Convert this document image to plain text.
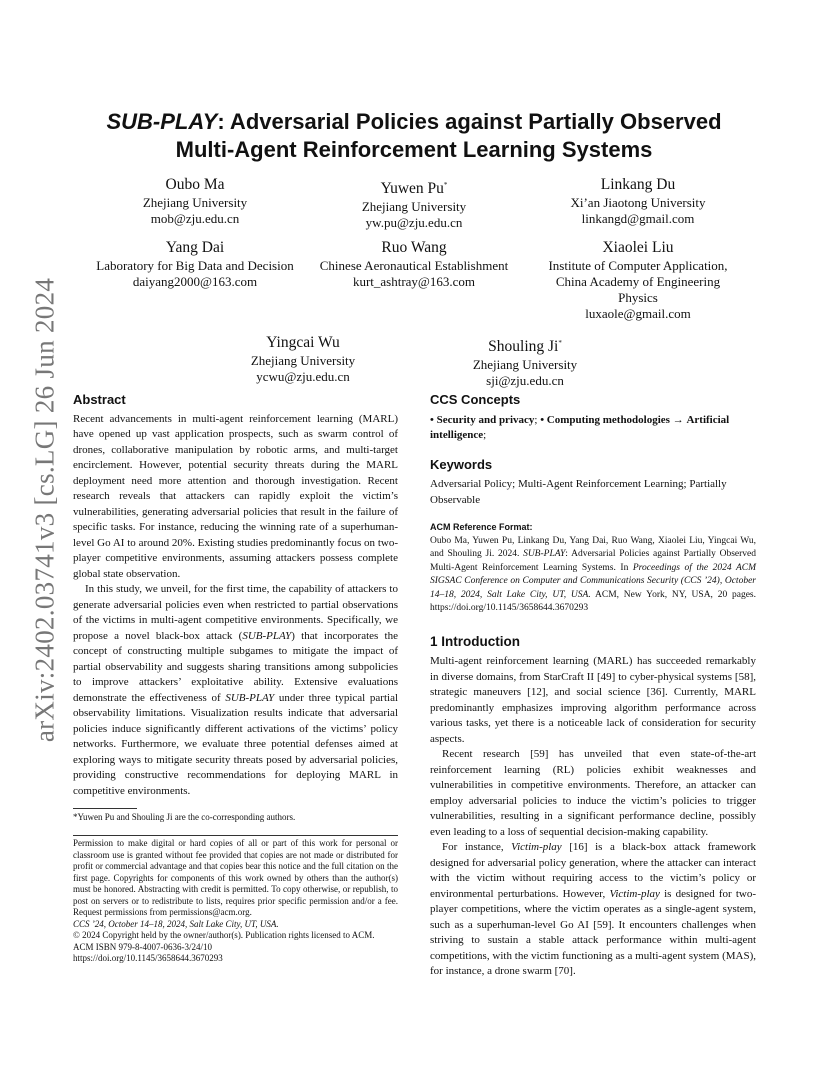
arXiv:2402.03741v3 [cs.LG] 26 Jun 2024
SUB-PLAY: Adversarial Policies against Partially Observed
Multi-Agent Reinforcement Learning Systems
Oubo Ma
Zhejiang University
mob@zju.edu.cn
Yuwen Pu*
Zhejiang University
yw.pu@zju.edu.cn
Linkang Du
Xi’an Jiaotong University
linkangd@gmail.com
Yang Dai
Laboratory for Big Data and Decision
daiyang2000@163.com
Ruo Wang
Chinese Aeronautical Establishment
kurt_ashtray@163.com
Xiaolei Liu
Institute of Computer Application,
China Academy of Engineering
Physics
luxaole@gmail.com
Yingcai Wu
Zhejiang University
ycwu@zju.edu.cn
Shouling Ji*
Zhejiang University
sji@zju.edu.cn
Abstract

Recent advancements in multi-agent reinforcement learning (MARL) have opened up vast application prospects, such as swarm control of drones, collaborative manipulation by robotic arms, and multi-target encirclement. However, potential security threats during the MARL deployment need more attention and thorough investigation. Recent research reveals that attackers can rapidly exploit the victim’s vulnerabilities, generating adversarial policies that result in the failure of specific tasks. For instance, reducing the winning rate of a superhuman-level Go AI to around 20%. Existing studies predominantly focus on two-player competitive environments, assuming attackers possess complete global state observation.

In this study, we unveil, for the first time, the capability of attackers to generate adversarial policies even when restricted to partial observations of the victims in multi-agent competitive environments. Specifically, we propose a novel black-box attack (SUB-PLAY) that incorporates the concept of constructing multiple subgames to mitigate the impact of partial observability and suggests sharing transitions among subpolicies to improve attackers’ exploitative ability. Extensive evaluations demonstrate the effectiveness of SUB-PLAY under three typical partial observability limitations. Visualization results indicate that adversarial policies induce significantly different activations of the victims’ policy networks. Furthermore, we evaluate three potential defenses aimed at exploring ways to mitigate security threats posed by adversarial policies, providing constructive recommendations for deploying MARL in competitive environments.

*Yuwen Pu and Shouling Ji are the co-corresponding authors.
Permission to make digital or hard copies of all or part of this work for personal or classroom use is granted without fee provided that copies are not made or distributed for profit or commercial advantage and that copies bear this notice and the full citation on the first page. Copyrights for components of this work owned by others than the author(s) must be honored. Abstracting with credit is permitted. To copy otherwise, or republish, to post on servers or to redistribute to lists, requires prior specific permission and/or a fee. Request permissions from permissions@acm.org.
CCS ’24, October 14–18, 2024, Salt Lake City, UT, USA.
© 2024 Copyright held by the owner/author(s). Publication rights licensed to ACM.
ACM ISBN 979-8-4007-0636-3/24/10
https://doi.org/10.1145/3658644.3670293
CCS Concepts

• Security and privacy; • Computing methodologies → Artificial intelligence;

Keywords

Adversarial Policy; Multi-Agent Reinforcement Learning; Partially Observable

ACM Reference Format:
Oubo Ma, Yuwen Pu, Linkang Du, Yang Dai, Ruo Wang, Xiaolei Liu, Yingcai Wu, and Shouling Ji. 2024. SUB-PLAY: Adversarial Policies against Partially Observed Multi-Agent Reinforcement Learning Systems. In Proceedings of the 2024 ACM SIGSAC Conference on Computer and Communications Security (CCS ’24), October 14–18, 2024, Salt Lake City, UT, USA. ACM, New York, NY, USA, 20 pages. https://doi.org/10.1145/3658644.3670293
1 Introduction

Multi-agent reinforcement learning (MARL) has succeeded remarkably in diverse domains, from StarCraft II [49] to cyber-physical systems [58], strategic maneuvers [12], and social science [36]. Currently, MARL predominantly emphasizes improving algorithm performance across various tasks, yet there is a noticeable lack of consideration for security aspects.

Recent research [59] has unveiled that even state-of-the-art reinforcement learning (RL) policies exhibit weaknesses and vulnerabilities in competitive environments. Therefore, an attacker can employ adversarial policies to induce the victim’s policies to trigger vulnerabilities, resulting in a significant performance decline, possibly even leading to a loss of sequential decision-making capability.

For instance, Victim-play [16] is a black-box attack framework designed for adversarial policy generation, where the attacker can interact with the victim without requiring access to the victim’s policy or environmental perturbations. However, Victim-play is designed for two-player competitions, where the victim operates as a single-agent system, such as a superhuman-level Go AI [59]. It encounters challenges when striving to sustain a stable attack performance within multi-agent competitions, with the victim functioning as a multi-agent system (MAS), for instance, a drone swarm [70].
